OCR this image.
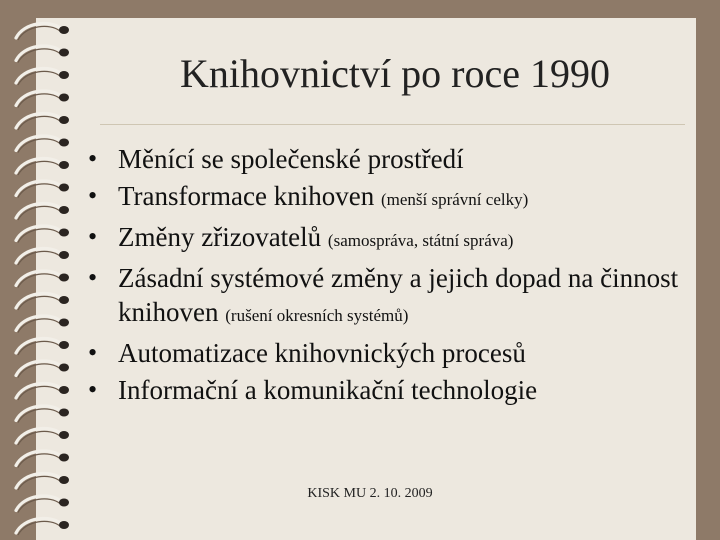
Knihovnictví po roce 1990
• Měnící se společenské prostředí
• Transformace knihoven (menší správní celky)
• Změny zřizovatelů (samospráva, státní správa)
• Zásadní systémové změny a jejich dopad na činnost knihoven (rušení okresních systémů)
• Automatizace knihovnických procesů
• Informační a komunikační technologie
KISK MU 2. 10. 2009
